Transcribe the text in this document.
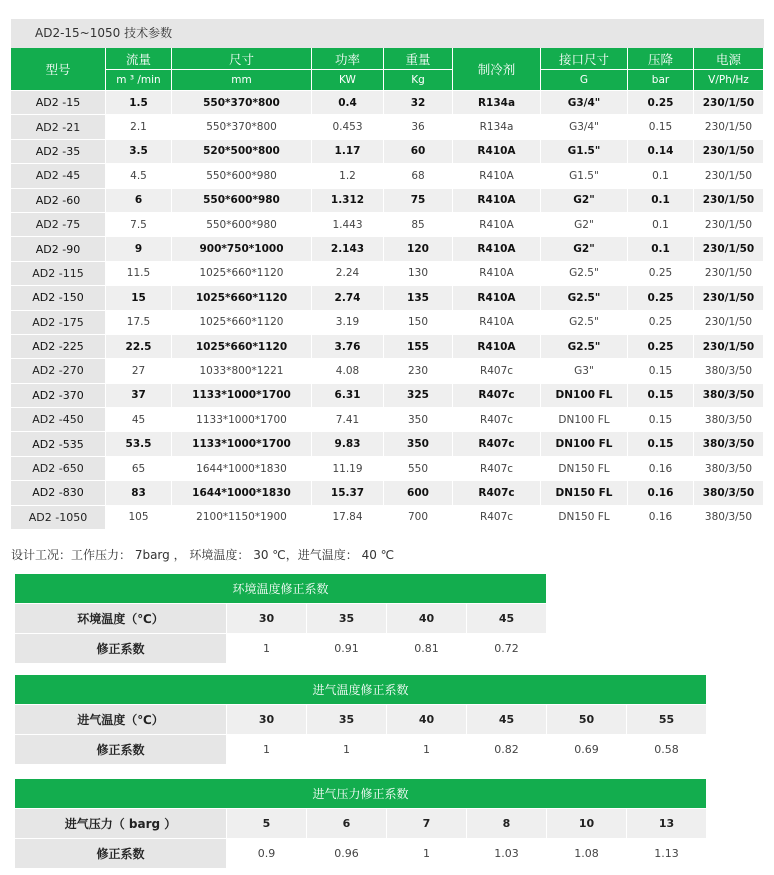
AD2-15~1050 技术参数
型号	流量	尺寸	功率	重量	制冷剂	接口尺寸	压降	电源
	m ³ /min	mm	KW	Kg		G	bar	V/Ph/Hz
AD2 -15	1.5	550*370*800	0.4	32	R134a	G3/4"	0.25	230/1/50
AD2 -21	2.1	550*370*800	0.453	36	R134a	G3/4"	0.15	230/1/50
AD2 -35	3.5	520*500*800	1.17	60	R410A	G1.5"	0.14	230/1/50
AD2 -45	4.5	550*600*980	1.2	68	R410A	G1.5"	0.1	230/1/50
AD2 -60	6	550*600*980	1.312	75	R410A	G2"	0.1	230/1/50
AD2 -75	7.5	550*600*980	1.443	85	R410A	G2"	0.1	230/1/50
AD2 -90	9	900*750*1000	2.143	120	R410A	G2"	0.1	230/1/50
AD2 -115	11.5	1025*660*1120	2.24	130	R410A	G2.5"	0.25	230/1/50
AD2 -150	15	1025*660*1120	2.74	135	R410A	G2.5"	0.25	230/1/50
AD2 -175	17.5	1025*660*1120	3.19	150	R410A	G2.5"	0.25	230/1/50
AD2 -225	22.5	1025*660*1120	3.76	155	R410A	G2.5"	0.25	230/1/50
AD2 -270	27	1033*800*1221	4.08	230	R407c	G3"	0.15	380/3/50
AD2 -370	37	1133*1000*1700	6.31	325	R407c	DN100 FL	0.15	380/3/50
AD2 -450	45	1133*1000*1700	7.41	350	R407c	DN100 FL	0.15	380/3/50
AD2 -535	53.5	1133*1000*1700	9.83	350	R407c	DN100 FL	0.15	380/3/50
AD2 -650	65	1644*1000*1830	11.19	550	R407c	DN150 FL	0.16	380/3/50
AD2 -830	83	1644*1000*1830	15.37	600	R407c	DN150 FL	0.16	380/3/50
AD2 -1050	105	2100*1150*1900	17.84	700	R407c	DN150 FL	0.16	380/3/50
设计工况：工作压力： 7barg ， 环境温度： 30 ℃，进气温度： 40 ℃
环境温度修正系数				
环境温度（℃）	30	35	40	45
修正系数	1	0.91	0.81	0.72
进气温度修正系数						
进气温度（℃）	30	35	40	45	50	55
修正系数	1	1	1	0.82	0.69	0.58
进气压力修正系数						
进气压力（ barg ）	5	6	7	8	10	13
修正系数	0.9	0.96	1	1.03	1.08	1.13
